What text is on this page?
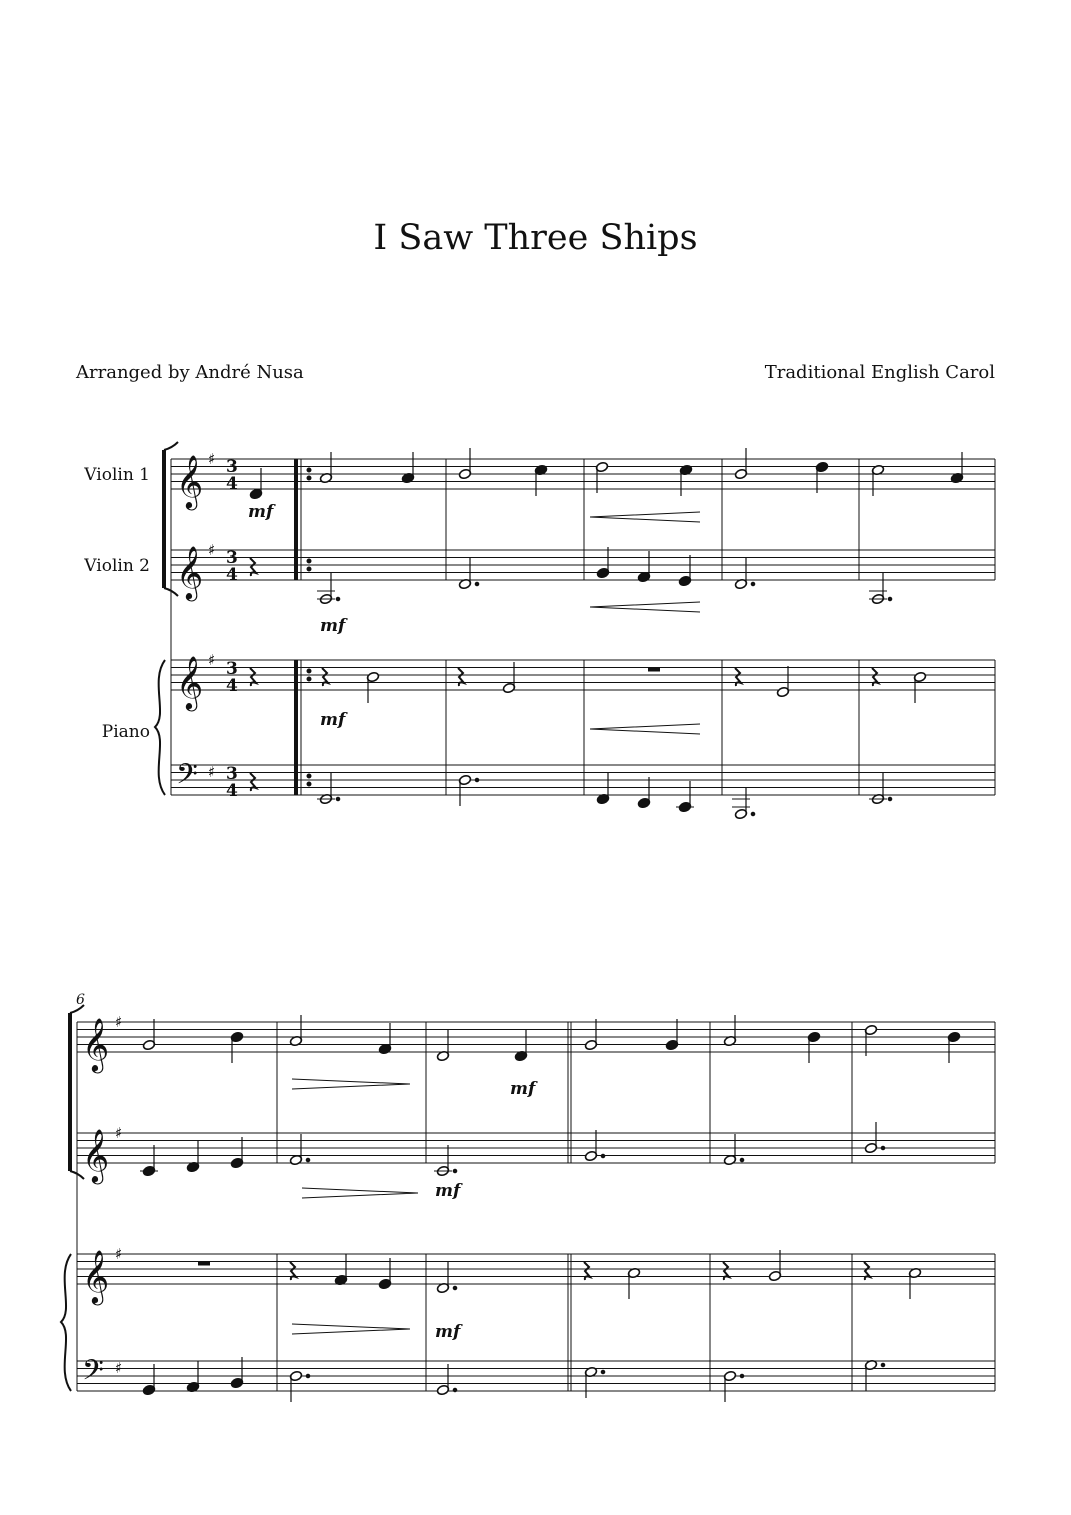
I Saw Three Ships
Arranged by André Nusa	Traditional English Carol
𝄞 ♯
𝄞 ♯
𝄞 ♯
𝄢 ♯
𝄞 ♯
𝄞 ♯
𝄞 ♯
𝄢 ♯
Violin 1
Violin 2
Piano
6
mf
mf
mf
mf
mf
mf
3
4
3
4
3
4
3
4
